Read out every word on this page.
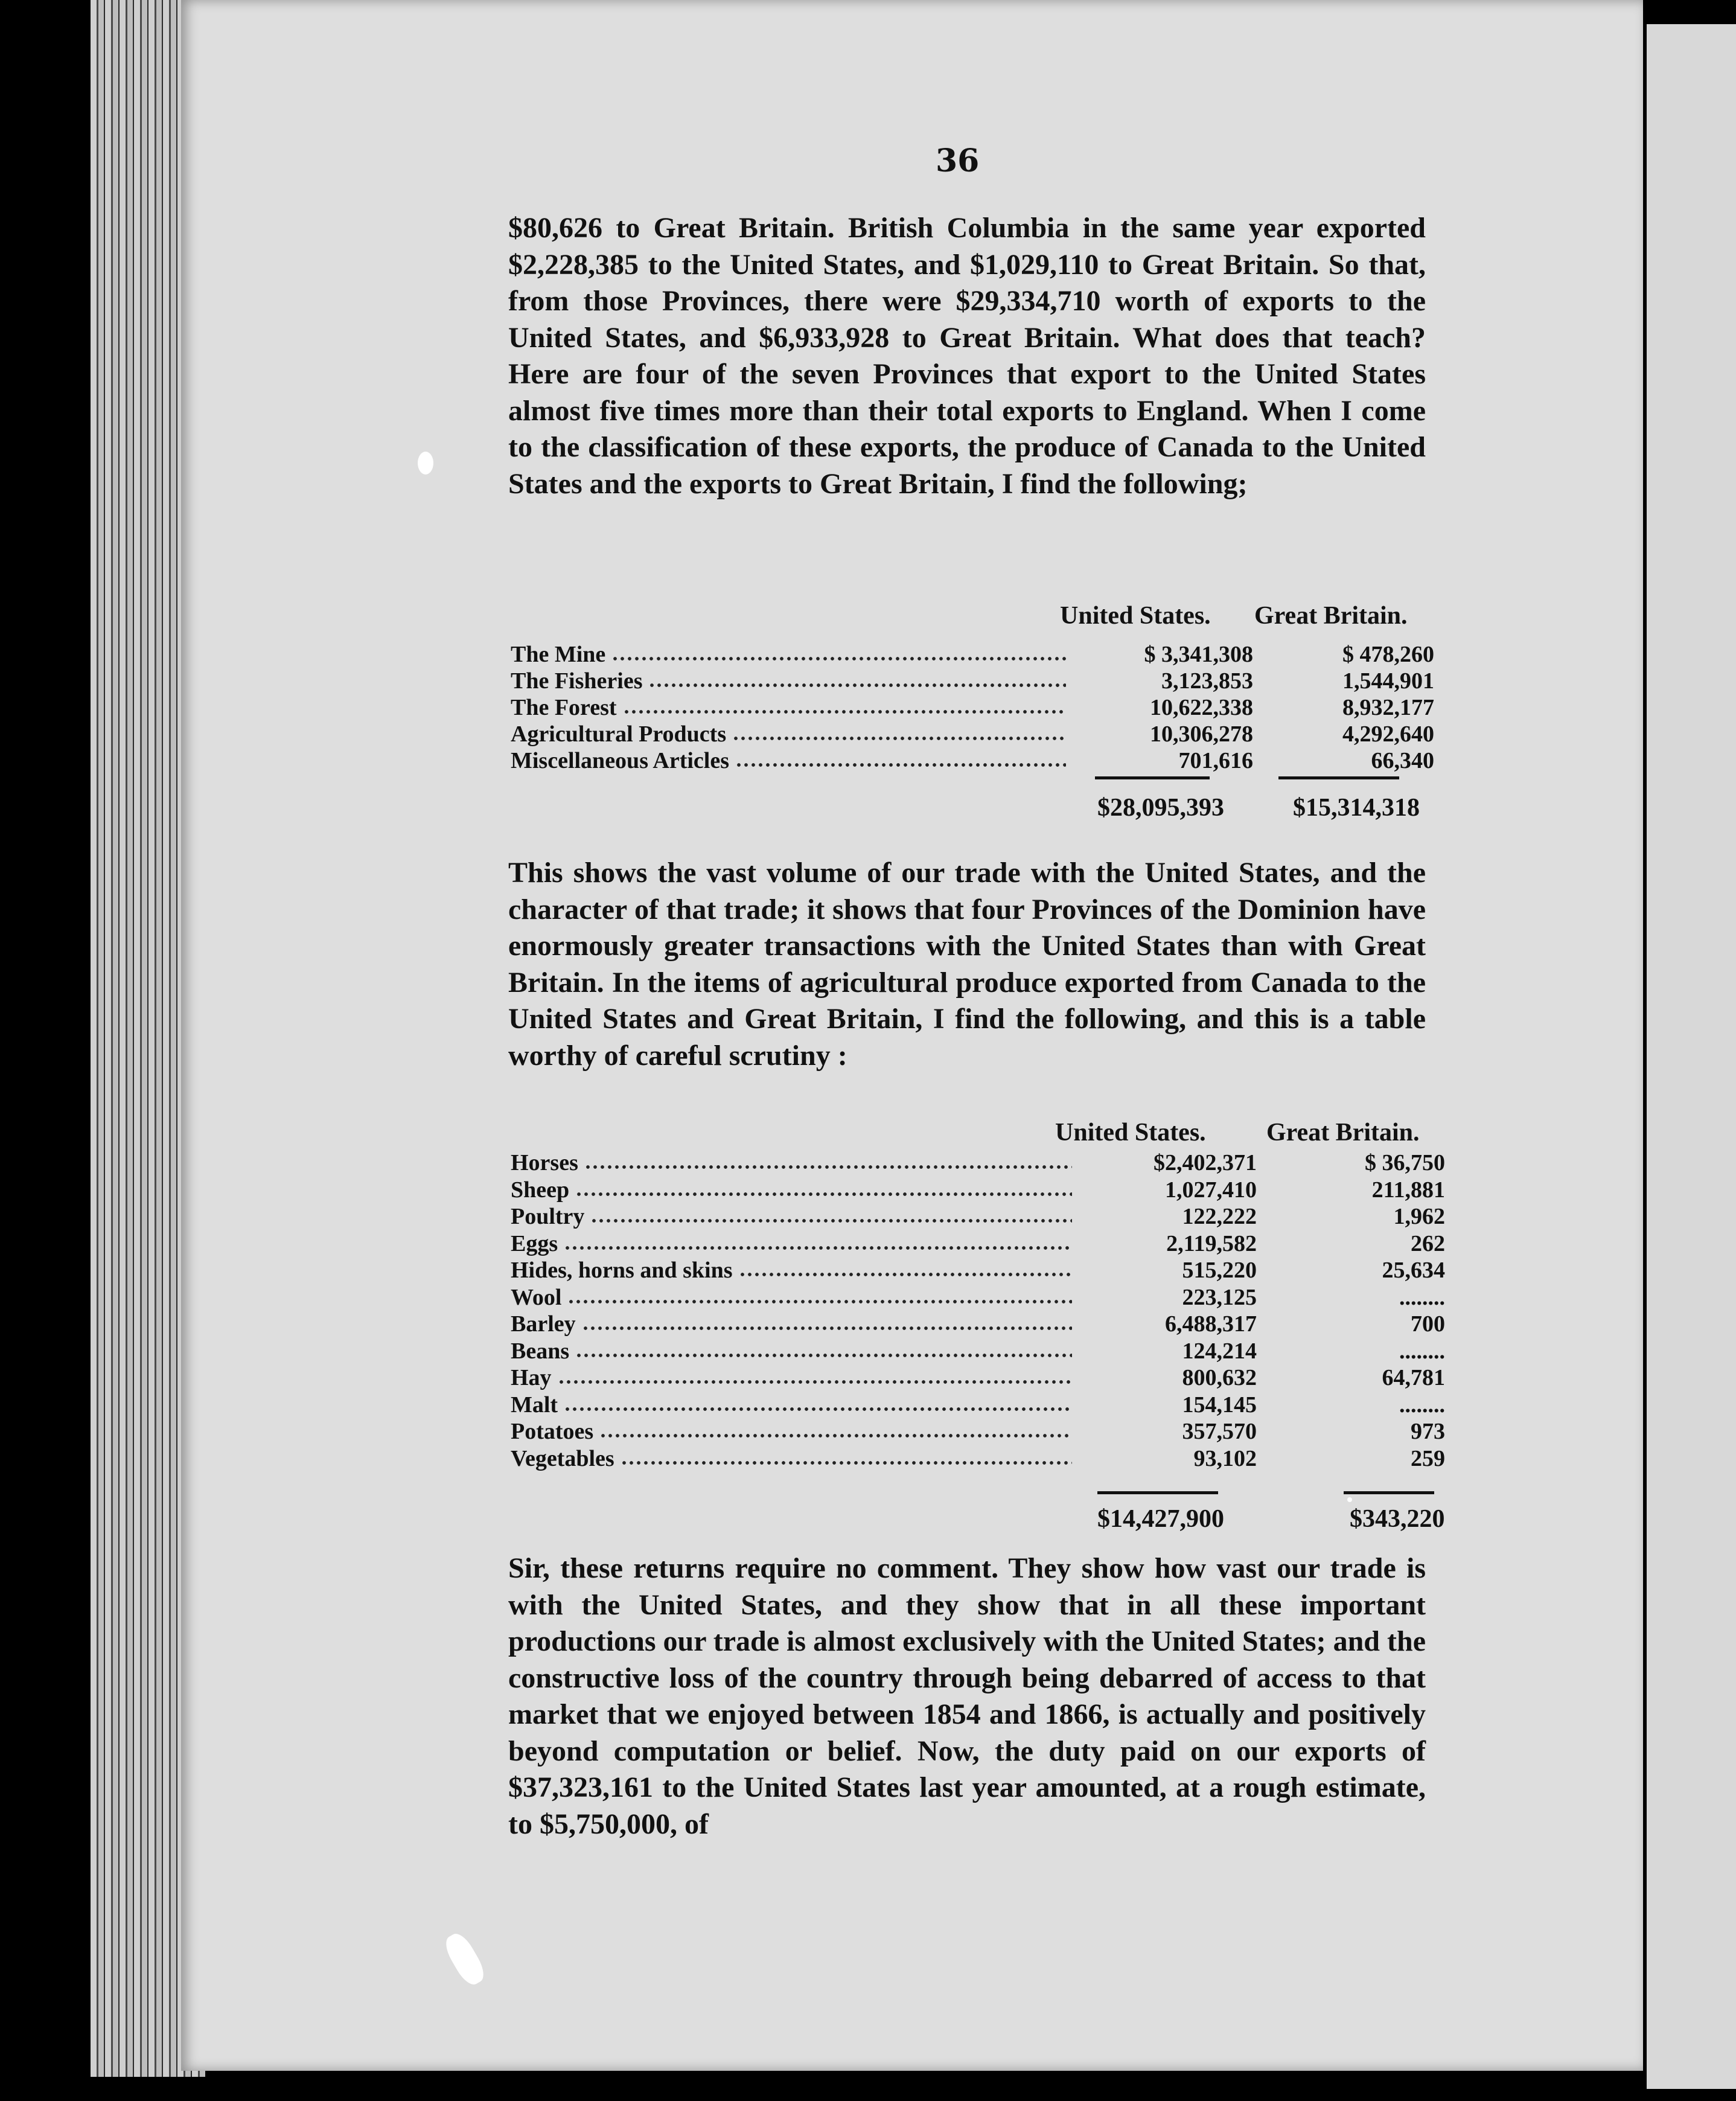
36

$80,626 to Great Britain. British Columbia in the same year exported $2,228,385 to the United States, and $1,029,110 to Great Britain. So that, from those Provinces, there were $29,334,710 worth of exports to the United States, and $6,933,928 to Great Britain. What does that teach? Here are four of the seven Provinces that export to the United States almost five times more than their total exports to England. When I come to the classification of these exports, the produce of Canada to the United States and the exports to Great Britain, I find the following;

United States. Great Britain.
The Mine	$ 3,341,308	$ 478,260
The Fisheries	3,123,853	1,544,901
The Forest	10,622,338	8,932,177
Agricultural Products	10,306,278	4,292,640
Miscellaneous Articles	701,616	66,340
$28,095,393	$15,314,318

This shows the vast volume of our trade with the United States, and the character of that trade; it shows that four Provinces of the Dominion have enormously greater transactions with the United States than with Great Britain. In the items of agricultural produce exported from Canada to the United States and Great Britain, I find the following, and this is a table worthy of careful scrutiny :

United States. Great Britain.
Horses	$2,402,371	$ 36,750
Sheep	1,027,410	211,881
Poultry	122,222	1,962
Eggs	2,119,582	262
Hides, horns and skins	515,220	25,634
Wool	223,125	........
Barley	6,488,317	700
Beans	124,214	........
Hay	800,632	64,781
Malt	154,145	........
Potatoes	357,570	973
Vegetables	93,102	259
$14,427,900	$343,220

Sir, these returns require no comment. They show how vast our trade is with the United States, and they show that in all these important productions our trade is almost exclusively with the United States; and the constructive loss of the country through being debarred of access to that market that we enjoyed between 1854 and 1866, is actually and positively beyond computation or belief. Now, the duty paid on our exports of $37,323,161 to the United States last year amounted, at a rough estimate, to $5,750,000, of
